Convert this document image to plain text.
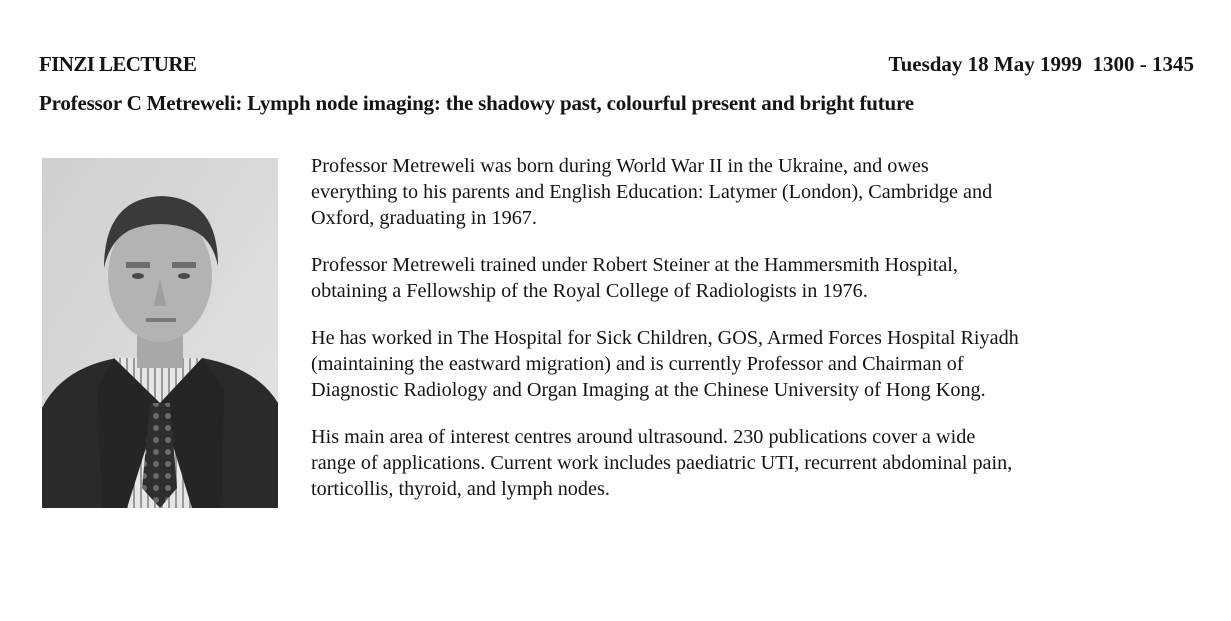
FINZI LECTURE	Tuesday 18 May 1999 1300 - 1345
Professor C Metreweli: Lymph node imaging: the shadowy past, colourful present and bright future

Professor Metreweli was born during World War II in the Ukraine, and owes
everything to his parents and English Education: Latymer (London), Cambridge and
Oxford, graduating in 1967.

Professor Metreweli trained under Robert Steiner at the Hammersmith Hospital,
obtaining a Fellowship of the Royal College of Radiologists in 1976.

He has worked in The Hospital for Sick Children, GOS, Armed Forces Hospital Riyadh
(maintaining the eastward migration) and is currently Professor and Chairman of
Diagnostic Radiology and Organ Imaging at the Chinese University of Hong Kong.

His main area of interest centres around ultrasound. 230 publications cover a wide
range of applications. Current work includes paediatric UTI, recurrent abdominal pain,
torticollis, thyroid, and lymph nodes.
